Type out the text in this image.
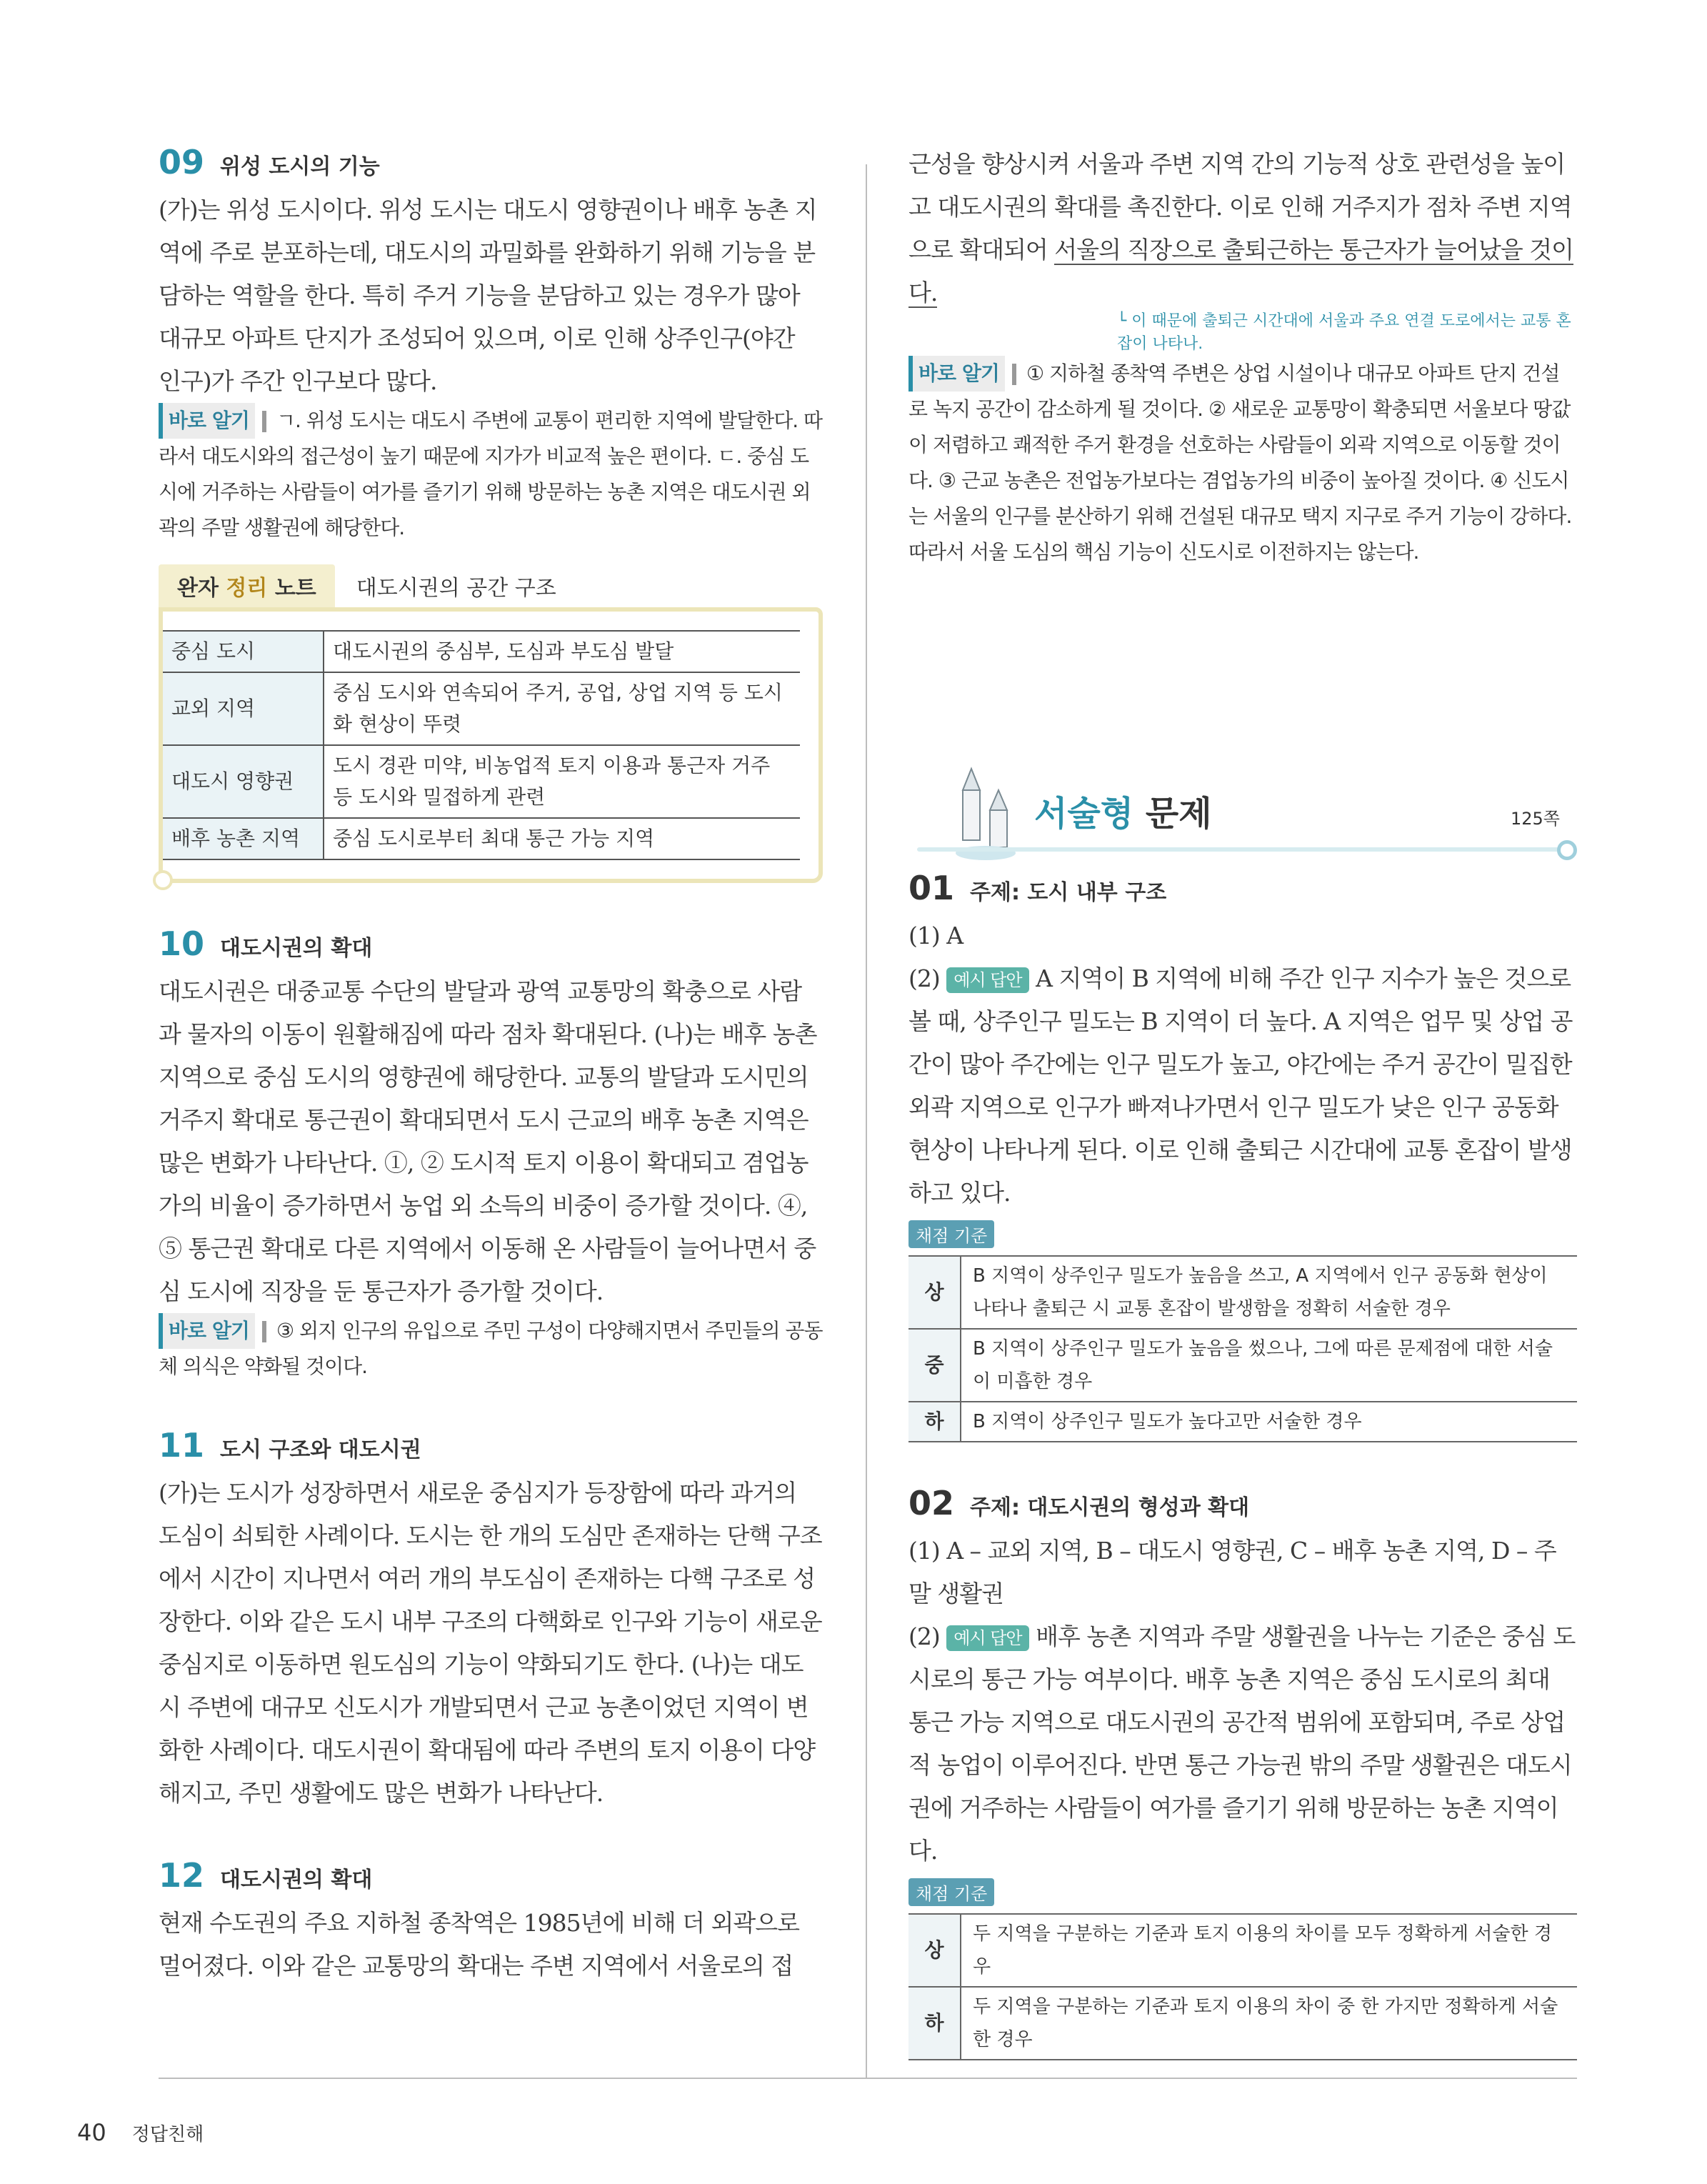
09 위성 도시의 기능
(가)는 위성 도시이다. 위성 도시는 대도시 영향권이나 배후 농촌 지역에 주로 분포하는데, 대도시의 과밀화를 완화하기 위해 기능을 분담하는 역할을 한다. 특히 주거 기능을 분담하고 있는 경우가 많아 대규모 아파트 단지가 조성되어 있으며, 이로 인해 상주인구(야간 인구)가 주간 인구보다 많다.
바로 알기 ㄱ. 위성 도시는 대도시 주변에 교통이 편리한 지역에 발달한다. 따라서 대도시와의 접근성이 높기 때문에 지가가 비교적 높은 편이다. ㄷ. 중심 도시에 거주하는 사람들이 여가를 즐기기 위해 방문하는 농촌 지역은 대도시권 외곽의 주말 생활권에 해당한다.
완자 정리 노트	대도시권의 공간 구조
중심 도시	대도시권의 중심부, 도심과 부도심 발달
교외 지역	중심 도시와 연속되어 주거, 공업, 상업 지역 등 도시화 현상이 뚜렷
대도시 영향권	도시 경관 미약, 비농업적 토지 이용과 통근자 거주 등 도시와 밀접하게 관련
배후 농촌 지역	중심 도시로부터 최대 통근 가능 지역
10 대도시권의 확대
대도시권은 대중교통 수단의 발달과 광역 교통망의 확충으로 사람과 물자의 이동이 원활해짐에 따라 점차 확대된다. (나)는 배후 농촌 지역으로 중심 도시의 영향권에 해당한다. 교통의 발달과 도시민의 거주지 확대로 통근권이 확대되면서 도시 근교의 배후 농촌 지역은 많은 변화가 나타난다. ①, ② 도시적 토지 이용이 확대되고 겸업농가의 비율이 증가하면서 농업 외 소득의 비중이 증가할 것이다. ④, ⑤ 통근권 확대로 다른 지역에서 이동해 온 사람들이 늘어나면서 중심 도시에 직장을 둔 통근자가 증가할 것이다.
바로 알기 ③ 외지 인구의 유입으로 주민 구성이 다양해지면서 주민들의 공동체 의식은 약화될 것이다.
11 도시 구조와 대도시권
(가)는 도시가 성장하면서 새로운 중심지가 등장함에 따라 과거의 도심이 쇠퇴한 사례이다. 도시는 한 개의 도심만 존재하는 단핵 구조에서 시간이 지나면서 여러 개의 부도심이 존재하는 다핵 구조로 성장한다. 이와 같은 도시 내부 구조의 다핵화로 인구와 기능이 새로운 중심지로 이동하면 원도심의 기능이 약화되기도 한다. (나)는 대도시 주변에 대규모 신도시가 개발되면서 근교 농촌이었던 지역이 변화한 사례이다. 대도시권이 확대됨에 따라 주변의 토지 이용이 다양해지고, 주민 생활에도 많은 변화가 나타난다.
12 대도시권의 확대
현재 수도권의 주요 지하철 종착역은 1985년에 비해 더 외곽으로 멀어졌다. 이와 같은 교통망의 확대는 주변 지역에서 서울로의 접
근성을 향상시켜 서울과 주변 지역 간의 기능적 상호 관련성을 높이고 대도시권의 확대를 촉진한다. 이로 인해 거주지가 점차 주변 지역으로 확대되어 서울의 직장으로 출퇴근하는 통근자가 늘어났을 것이다.
└ 이 때문에 출퇴근 시간대에 서울과 주요 연결 도로에서는 교통 혼잡이 나타나.
바로 알기 ① 지하철 종착역 주변은 상업 시설이나 대규모 아파트 단지 건설로 녹지 공간이 감소하게 될 것이다. ② 새로운 교통망이 확충되면 서울보다 땅값이 저렴하고 쾌적한 주거 환경을 선호하는 사람들이 외곽 지역으로 이동할 것이다. ③ 근교 농촌은 전업농가보다는 겸업농가의 비중이 높아질 것이다. ④ 신도시는 서울의 인구를 분산하기 위해 건설된 대규모 택지 지구로 주거 기능이 강하다. 따라서 서울 도심의 핵심 기능이 신도시로 이전하지는 않는다.
서술형 문제	125쪽
01 주제: 도시 내부 구조
(1) A
(2) 예시 답안 A 지역이 B 지역에 비해 주간 인구 지수가 높은 것으로 볼 때, 상주인구 밀도는 B 지역이 더 높다. A 지역은 업무 및 상업 공간이 많아 주간에는 인구 밀도가 높고, 야간에는 주거 공간이 밀집한 외곽 지역으로 인구가 빠져나가면서 인구 밀도가 낮은 인구 공동화 현상이 나타나게 된다. 이로 인해 출퇴근 시간대에 교통 혼잡이 발생하고 있다.
채점 기준
상	B 지역이 상주인구 밀도가 높음을 쓰고, A 지역에서 인구 공동화 현상이 나타나 출퇴근 시 교통 혼잡이 발생함을 정확히 서술한 경우
중	B 지역이 상주인구 밀도가 높음을 썼으나, 그에 따른 문제점에 대한 서술이 미흡한 경우
하	B 지역이 상주인구 밀도가 높다고만 서술한 경우
02 주제: 대도시권의 형성과 확대
(1) A – 교외 지역, B – 대도시 영향권, C – 배후 농촌 지역, D – 주말 생활권
(2) 예시 답안 배후 농촌 지역과 주말 생활권을 나누는 기준은 중심 도시로의 통근 가능 여부이다. 배후 농촌 지역은 중심 도시로의 최대 통근 가능 지역으로 대도시권의 공간적 범위에 포함되며, 주로 상업적 농업이 이루어진다. 반면 통근 가능권 밖의 주말 생활권은 대도시권에 거주하는 사람들이 여가를 즐기기 위해 방문하는 농촌 지역이다.
채점 기준
상	두 지역을 구분하는 기준과 토지 이용의 차이를 모두 정확하게 서술한 경우
하	두 지역을 구분하는 기준과 토지 이용의 차이 중 한 가지만 정확하게 서술한 경우
40 정답친해
